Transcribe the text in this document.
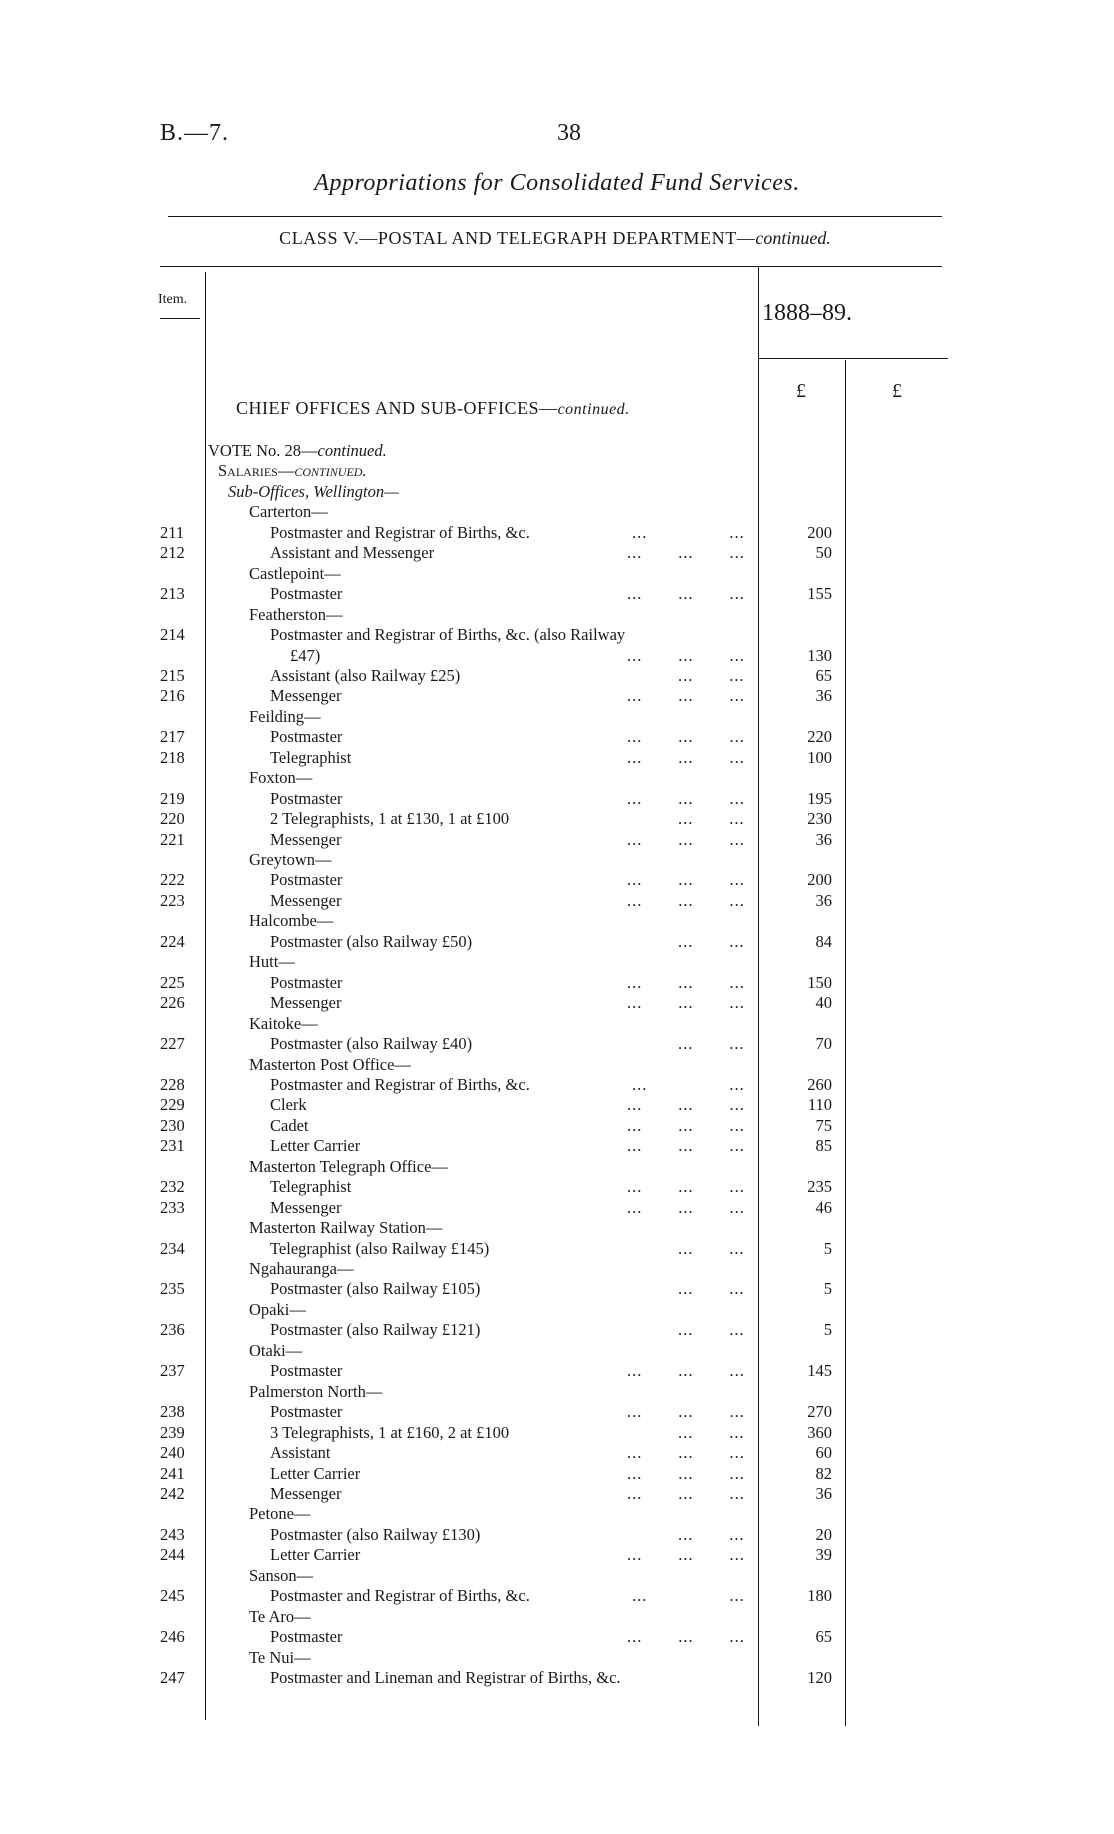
B.—7.	38
Appropriations for Consolidated Fund Services.
CLASS V.—POSTAL AND TELEGRAPH DEPARTMENT—continued.
Item.
1888–89.
£	£
CHIEF OFFICES AND SUB-OFFICES—continued.
VOTE No. 28—continued.
Salaries—continued.
Sub-Offices, Wellington—
Carterton—
211	Postmaster and Registrar of Births, &c.	...                ...	200
212	Assistant and Messenger	...       ...       ...	50
Castlepoint—
213	Postmaster	...       ...       ...	155
Featherston—
214	Postmaster and Registrar of Births, &c. (also Railway
£47)	...       ...       ...	130
215	Assistant (also Railway £25)	...       ...	65
216	Messenger	...       ...       ...	36
Feilding—
217	Postmaster	...       ...       ...	220
218	Telegraphist	...       ...       ...	100
Foxton—
219	Postmaster	...       ...       ...	195
220	2 Telegraphists, 1 at £130, 1 at £100	...       ...	230
221	Messenger	...       ...       ...	36
Greytown—
222	Postmaster	...       ...       ...	200
223	Messenger	...       ...       ...	36
Halcombe—
224	Postmaster (also Railway £50)	...       ...	84
Hutt—
225	Postmaster	...       ...       ...	150
226	Messenger	...       ...       ...	40
Kaitoke—
227	Postmaster (also Railway £40)	...       ...	70
Masterton Post Office—
228	Postmaster and Registrar of Births, &c.	...                ...	260
229	Clerk	...       ...       ...	110
230	Cadet	...       ...       ...	75
231	Letter Carrier	...       ...       ...	85
Masterton Telegraph Office—
232	Telegraphist	...       ...       ...	235
233	Messenger	...       ...       ...	46
Masterton Railway Station—
234	Telegraphist (also Railway £145)	...       ...	5
Ngahauranga—
235	Postmaster (also Railway £105)	...       ...	5
Opaki—
236	Postmaster (also Railway £121)	...       ...	5
Otaki—
237	Postmaster	...       ...       ...	145
Palmerston North—
238	Postmaster	...       ...       ...	270
239	3 Telegraphists, 1 at £160, 2 at £100	...       ...	360
240	Assistant	...       ...       ...	60
241	Letter Carrier	...       ...       ...	82
242	Messenger	...       ...       ...	36
Petone—
243	Postmaster (also Railway £130)	...       ...	20
244	Letter Carrier	...       ...       ...	39
Sanson—
245	Postmaster and Registrar of Births, &c.	...                ...	180
Te Aro—
246	Postmaster	...       ...       ...	65
Te Nui—
247	Postmaster and Lineman and Registrar of Births, &c.	120
